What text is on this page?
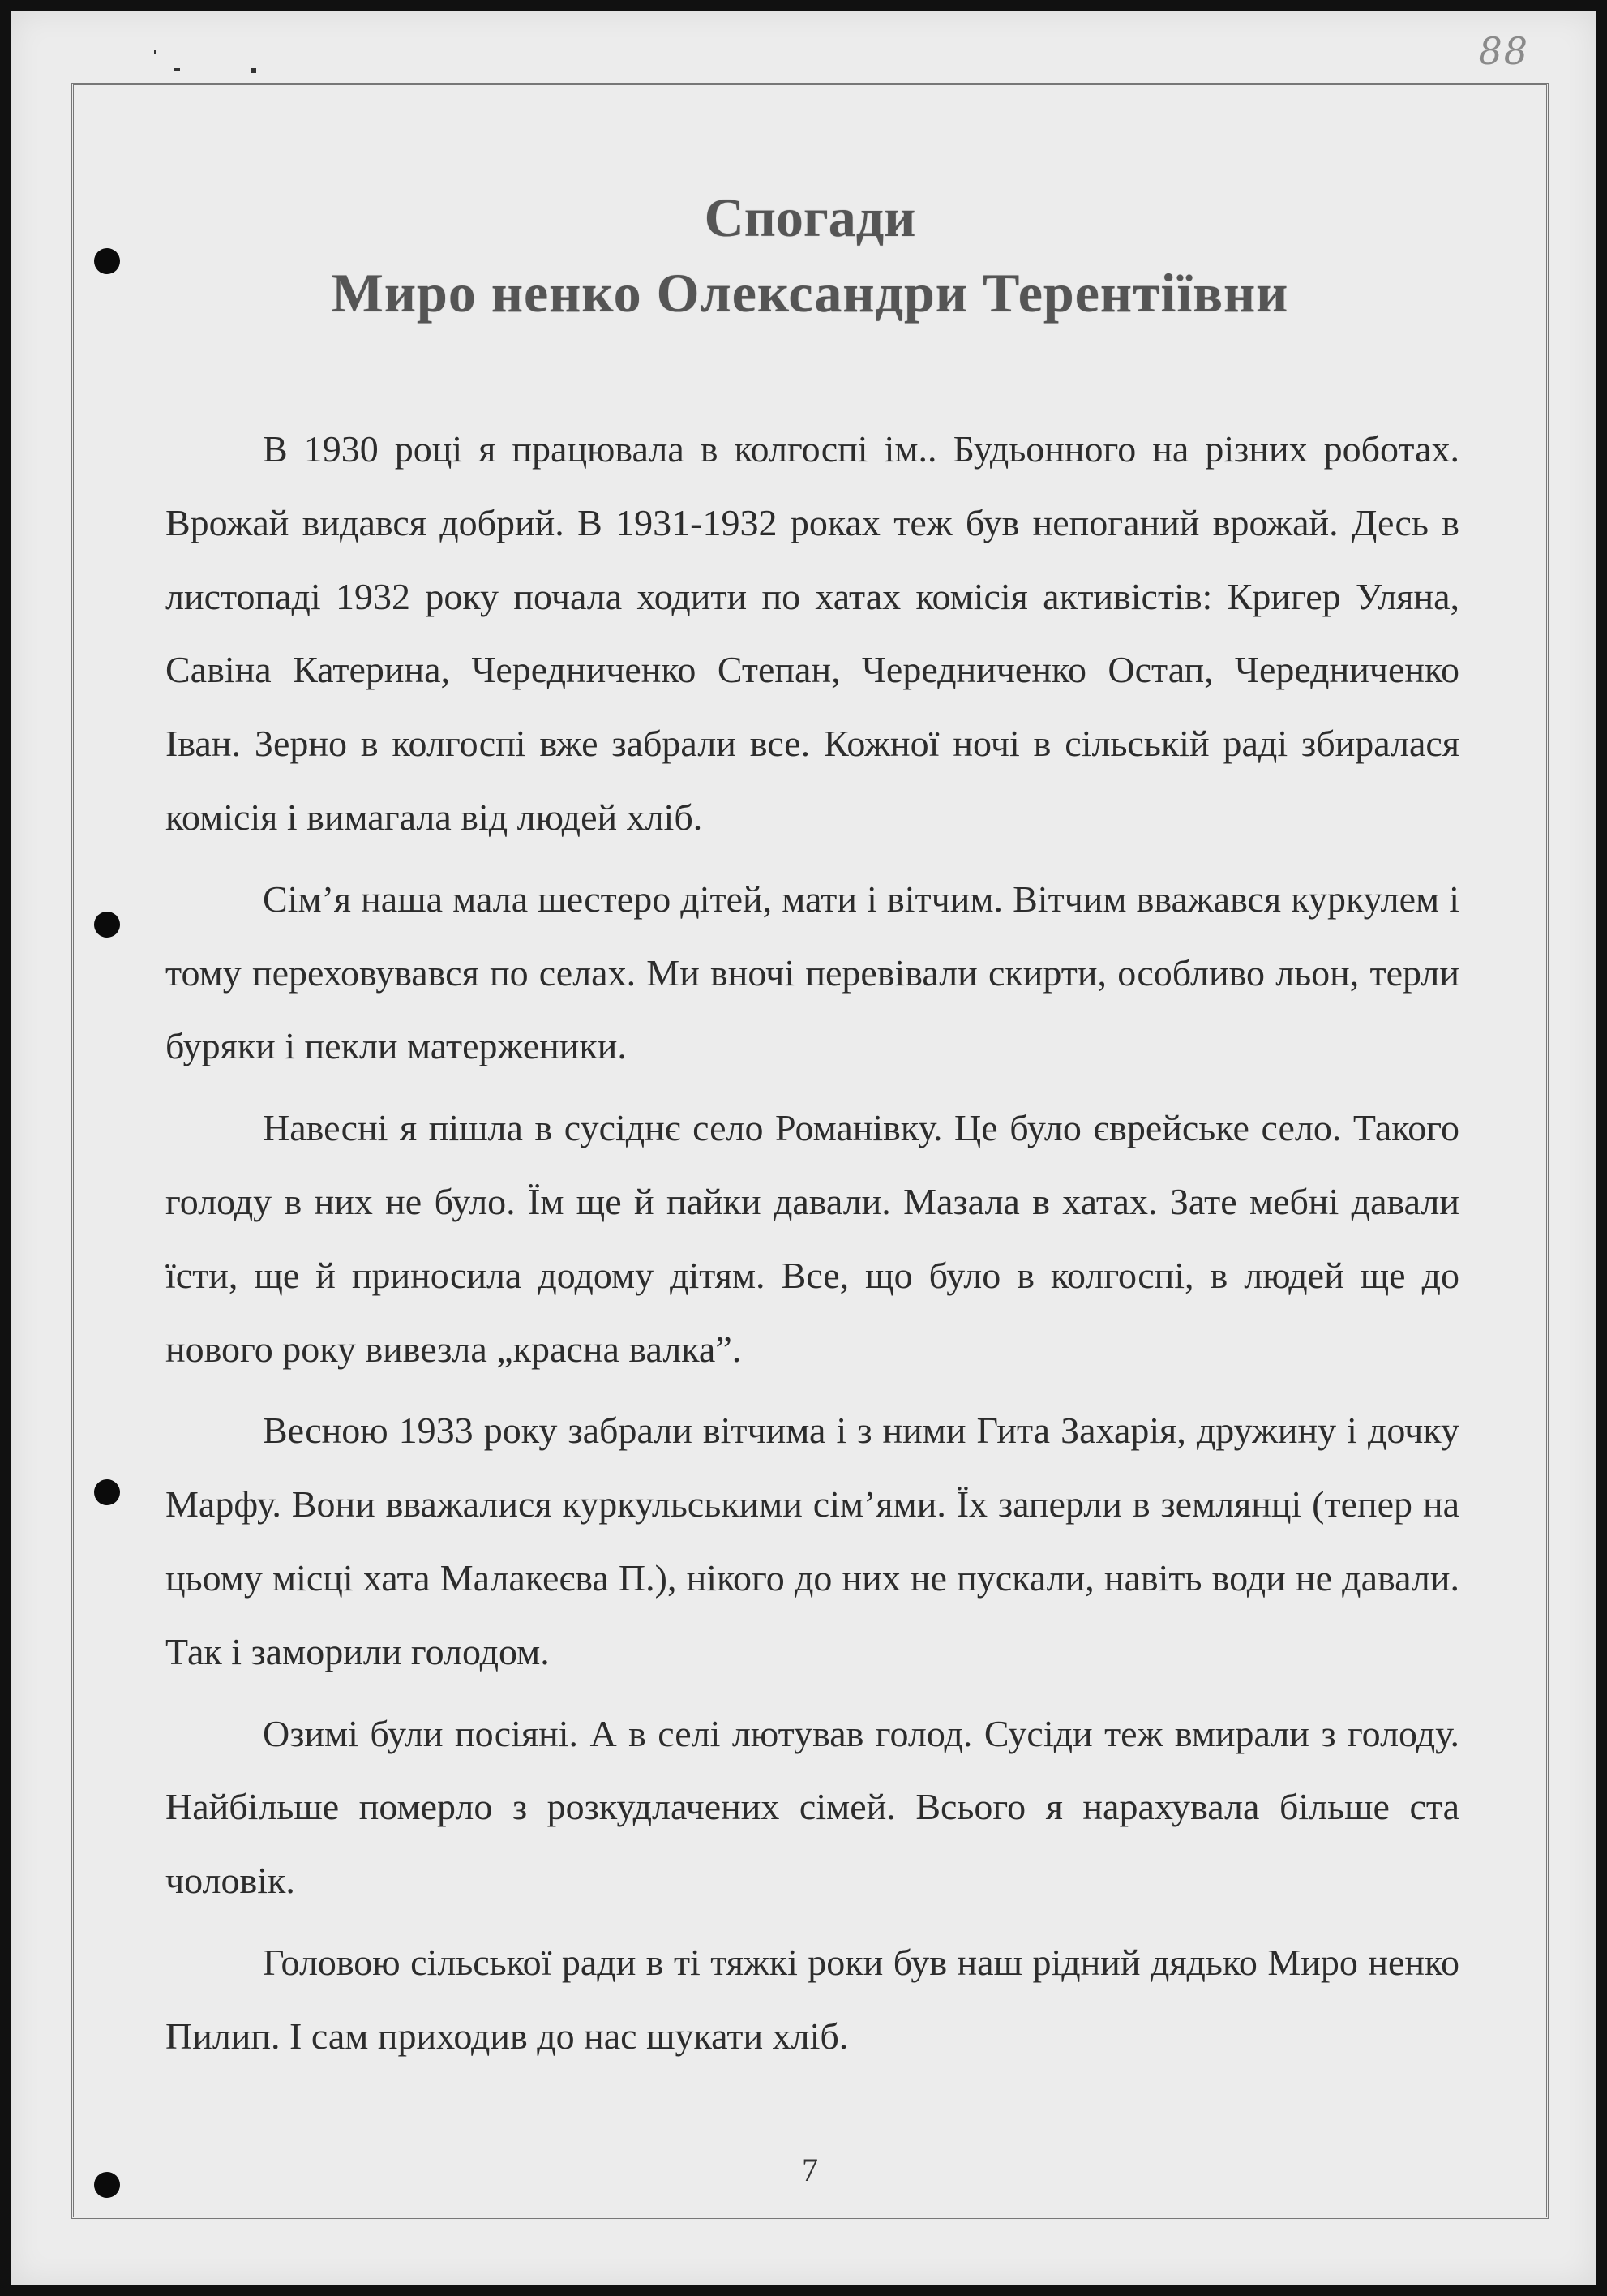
88
Спогади
Миро ненко Олександри Терентіївни

В 1930 році я працювала в колгоспі ім.. Будьонного на різних роботах. Врожай видався добрий. В 1931-1932 роках теж був непоганий врожай. Десь в листопаді 1932 року почала ходити по хатах комісія активістів: Кригер Уляна, Савіна Катерина, Чередниченко Степан, Чередниченко Остап, Чередниченко Іван. Зерно в колгоспі вже забрали все. Кожної ночі в сільській раді збиралася комісія і вимагала від людей хліб.

Сім’я наша мала шестеро дітей, мати і вітчим. Вітчим вважався куркулем і тому переховувався по селах. Ми вночі перевівали скирти, особливо льон, терли буряки і пекли матерженики.

Навесні я пішла в сусіднє село Романівку. Це було єврейське село. Такого голоду в них не було. Їм ще й пайки давали. Мазала в хатах. Зате мебні давали їсти, ще й приносила додому дітям. Все, що було в колгоспі, в людей ще до нового року вивезла „красна валка”.

Весною 1933 року забрали вітчима і з ними Гита Захарія, дружину і дочку Марфу. Вони вважалися куркульськими сім’ями. Їх заперли в землянці (тепер на цьому місці хата Малакеєва П.), нікого до них не пускали, навіть води не давали. Так і заморили голодом.

Озимі були посіяні. А в селі лютував голод. Сусіди теж вмирали з голоду. Найбільше померло з розкудлачених сімей. Всього я нарахувала більше ста чоловік.

Головою сільської ради в ті тяжкі роки був наш рідний дядько Миро ненко Пилип. І сам приходив до нас шукати хліб.

7
